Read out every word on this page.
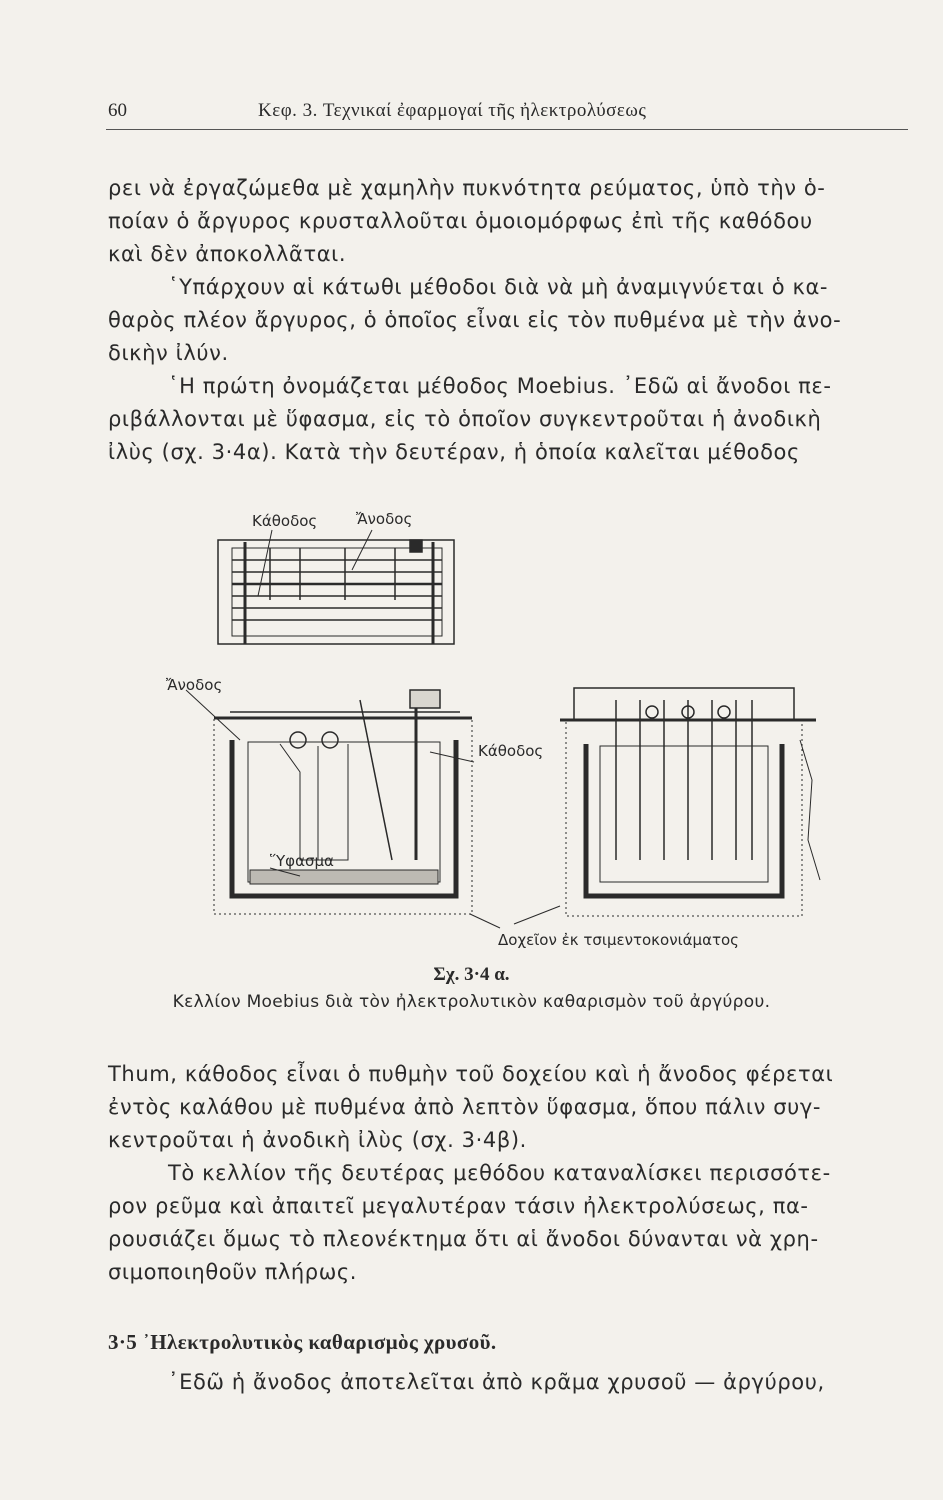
60	Κεφ. 3. Τεχνικαί ἐφαρμογαί τῆς ἠλεκτρολύσεως

ρει νὰ ἐργαζώμεθα μὲ χαμηλὴν πυκνότητα ρεύματος, ὑπὸ τὴν ὁ-

ποίαν ὁ ἄργυρος κρυσταλλοῦται ὁμοιομόρφως ἐπὶ τῆς καθόδου

καὶ δὲν ἀποκολλᾶται.

῾Υπάρχουν αἱ κάτωθι μέθοδοι διὰ νὰ μὴ ἀναμιγνύεται ὁ κα-

θαρὸς πλέον ἄργυρος, ὁ ὁποῖος εἶναι εἰς τὸν πυθμένα μὲ τὴν ἀνο-

δικὴν ἰλύν.

῾Η πρώτη ὀνομάζεται μέθοδος Moebius. ᾿Εδῶ αἱ ἄνοδοι πε-

ριβάλλονται μὲ ὕφασμα, εἰς τὸ ὁποῖον συγκεντροῦται ἡ ἀνοδικὴ

ἰλὺς (σχ. 3·4α). Κατὰ τὴν δευτέραν, ἡ ὁποία καλεῖται μέθοδος

Κάθοδος	Ἄνοδος
Ἄνοδος
Κάθοδος
Ὕφασμα
Δοχεῖον ἐκ τσιμεντοκονιάματος
Σχ. 3·4 α.
Κελλίον Moebius διὰ τὸν ἠλεκτρολυτικὸν καθαρισμὸν τοῦ ἀργύρου.

Thum, κάθοδος εἶναι ὁ πυθμὴν τοῦ δοχείου καὶ ἡ ἄνοδος φέρεται

ἐντὸς καλάθου μὲ πυθμένα ἀπὸ λεπτὸν ὕφασμα, ὅπου πάλιν συγ-

κεντροῦται ἡ ἀνοδικὴ ἰλὺς (σχ. 3·4β).

Τὸ κελλίον τῆς δευτέρας μεθόδου καταναλίσκει περισσότε-

ρον ρεῦμα καὶ ἀπαιτεῖ μεγαλυτέραν τάσιν ἠλεκτρολύσεως, πα-

ρουσιάζει ὅμως τὸ πλεονέκτημα ὅτι αἱ ἄνοδοι δύνανται νὰ χρη-

σιμοποιηθοῦν πλήρως.

3·5 ᾿Ηλεκτρολυτικὸς καθαρισμὸς χρυσοῦ.

᾿Εδῶ ἡ ἄνοδος ἀποτελεῖται ἀπὸ κρᾶμα χρυσοῦ — ἀργύρου,
